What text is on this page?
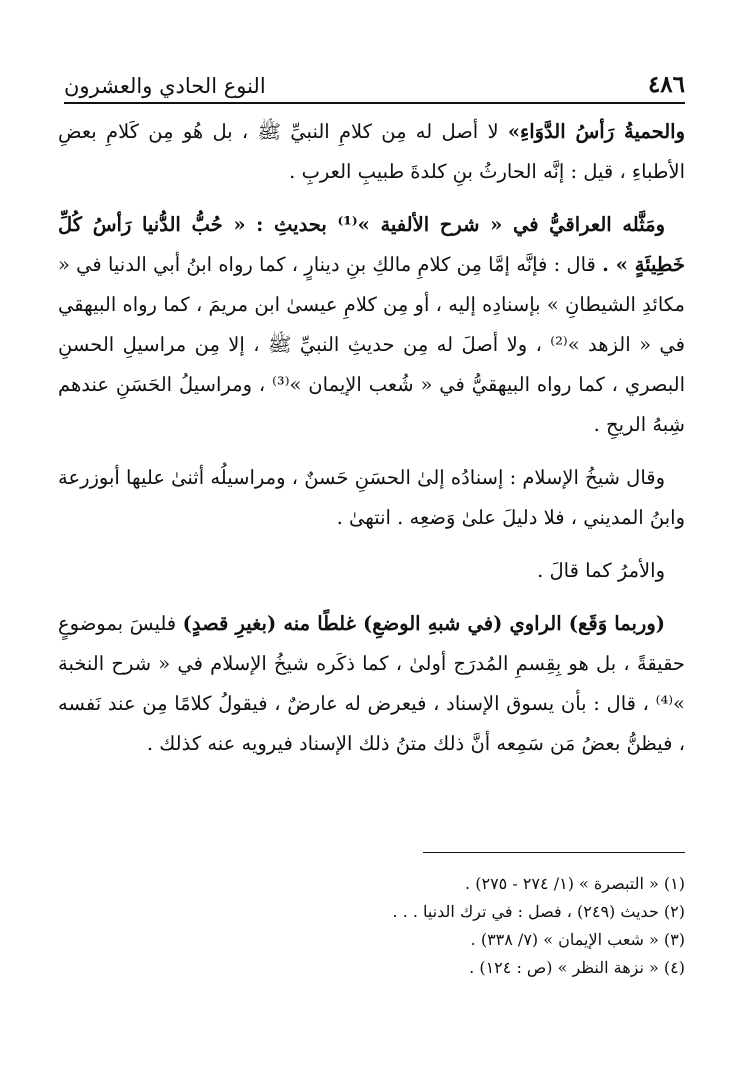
٤٨٦
النوع الحادي والعشرون

والحميةُ رَأسُ الدَّوَاءِ» لا أصل له مِن كلامِ النبيِّ ﷺ ، بل هُو مِن كَلامِ بعضِ الأطباءِ ، قيل : إنَّه الحارثُ بنِ كلدةَ طبيبِ العربِ .

ومَثَّله العراقيُّ في « شرح الألفية »⁽¹⁾ بحديثِ : « حُبُّ الدُّنيا رَأسُ كُلِّ خَطِيئَةٍ » . قال : فإنَّه إمَّا مِن كلامِ مالكِ بنِ دينارٍ ، كما رواه ابنُ أبي الدنيا في « مكائدِ الشيطانِ » بإسنادِه إليه ، أو مِن كلامِ عيسىٰ ابن مريمَ ، كما رواه البيهقي في « الزهد »⁽²⁾ ، ولا أصلَ له مِن حديثِ النبيِّ ﷺ ، إلا مِن مراسيلِ الحسنِ البصري ، كما رواه البيهقيُّ في « شُعب الإيمان »⁽³⁾ ، ومراسيلُ الحَسَنِ عندهم شِبهُ الريحِ .

وقال شيخُ الإسلام : إسنادُه إلىٰ الحسَنِ حَسنٌ ، ومراسيلُه أثنىٰ عليها أبوزرعة وابنُ المديني ، فلا دليلَ علىٰ وَضعِه . انتهىٰ .

والأمرُ كما قالَ .

(وربما وَقَع) الراوي (في شبهِ الوضعِ) غلطًا منه (بغيرِ قصدٍ) فليسَ بموضوعٍ حقيقةً ، بل هو بِقِسمِ المُدرَج أولىٰ ، كما ذكَره شيخُ الإسلام في « شرح النخبة »⁽⁴⁾ ، قال : بأن يسوق الإسناد ، فيعرض له عارضٌ ، فيقولُ كلامًا مِن عند نَفسه ، فيظنُّ بعضُ مَن سَمِعه أنَّ ذلك متنُ ذلك الإسناد فيرويه عنه كذلك .

(١) « التبصرة » (١/ ٢٧٤ - ٢٧٥) .

(٢) حديث (٢٤٩) ، فصل : في ترك الدنيا . . .

(٣) « شعب الإيمان » (٧/ ٣٣٨) .

(٤) « نزهة النظر » (ص : ١٢٤) .
